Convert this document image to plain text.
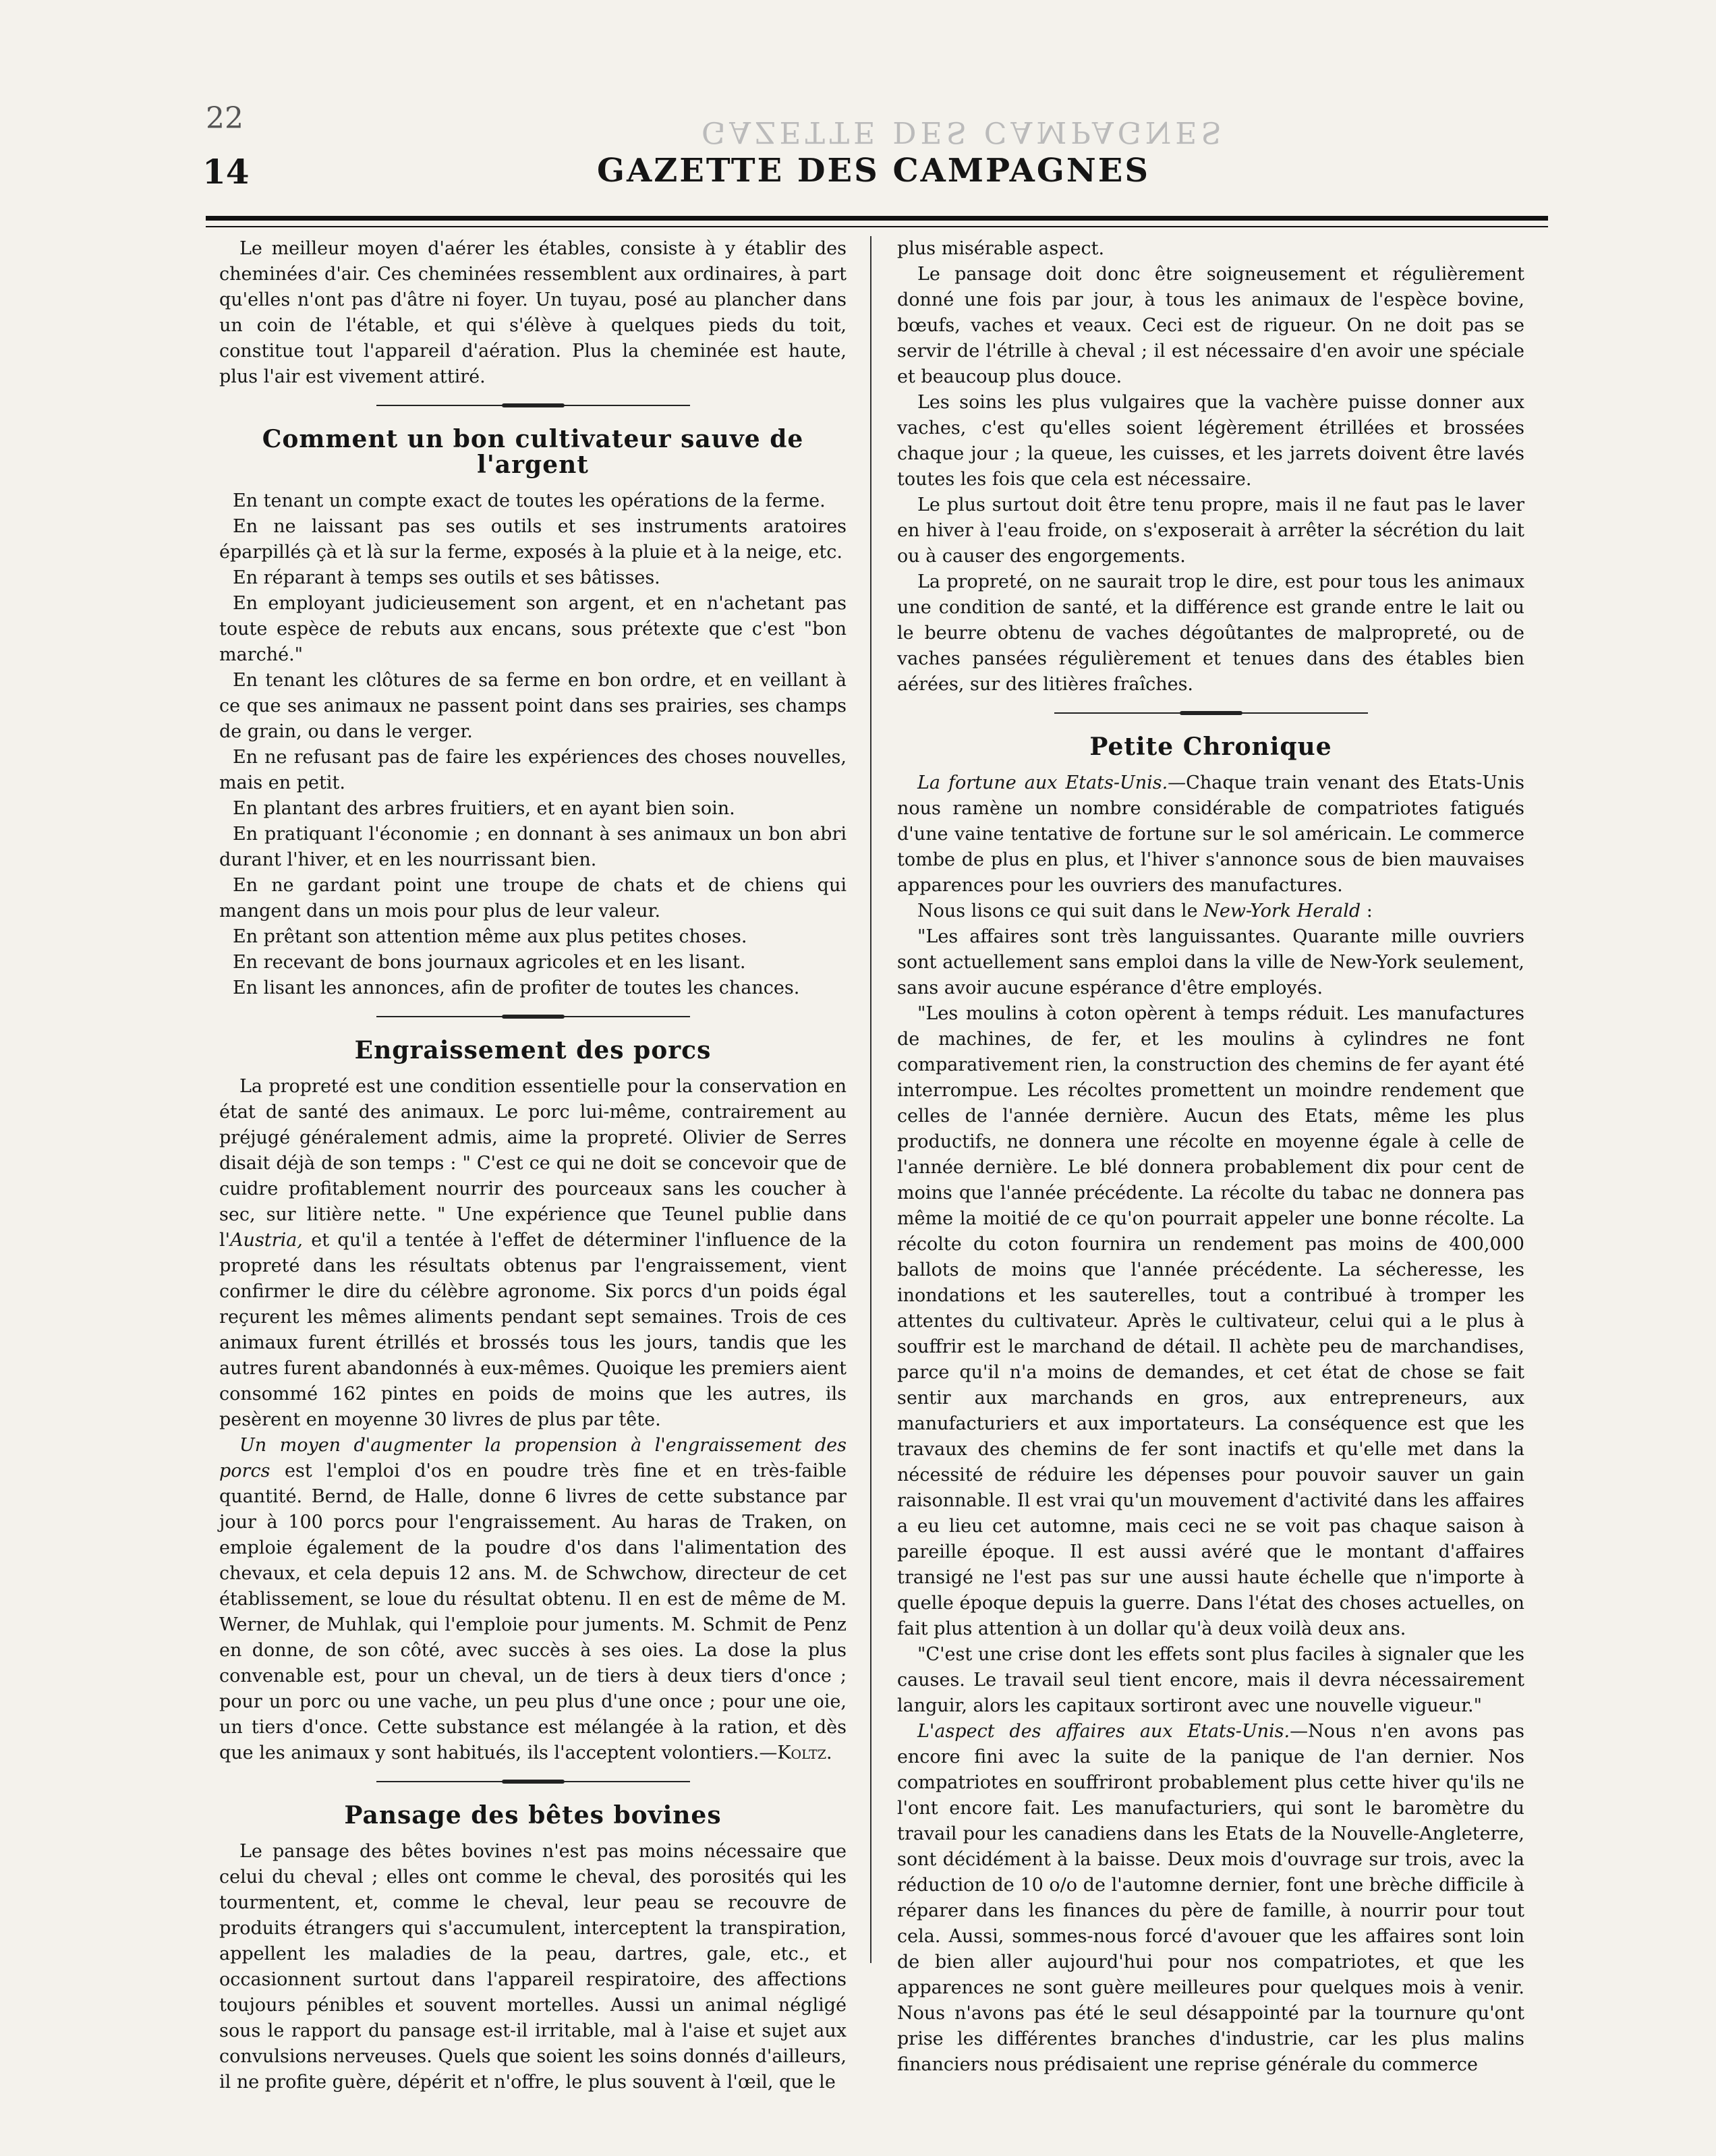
22	GAZETTE DES CAMPAGNES
14	GAZETTE DES CAMPAGNES

Le meilleur moyen d'aérer les étables, consiste à y établir des cheminées d'air. Ces cheminées ressemblent aux ordinaires, à part qu'elles n'ont pas d'âtre ni foyer. Un tuyau, posé au plancher dans un coin de l'étable, et qui s'élève à quelques pieds du toit, constitue tout l'appareil d'aération. Plus la cheminée est haute, plus l'air est vivement attiré.

Comment un bon cultivateur sauve de l'argent

En tenant un compte exact de toutes les opérations de la ferme.

En ne laissant pas ses outils et ses instruments aratoires éparpillés çà et là sur la ferme, exposés à la pluie et à la neige, etc.

En réparant à temps ses outils et ses bâtisses.

En employant judicieusement son argent, et en n'achetant pas toute espèce de rebuts aux encans, sous prétexte que c'est "bon marché."

En tenant les clôtures de sa ferme en bon ordre, et en veillant à ce que ses animaux ne passent point dans ses prairies, ses champs de grain, ou dans le verger.

En ne refusant pas de faire les expériences des choses nouvelles, mais en petit.

En plantant des arbres fruitiers, et en ayant bien soin.

En pratiquant l'économie ; en donnant à ses animaux un bon abri durant l'hiver, et en les nourrissant bien.

En ne gardant point une troupe de chats et de chiens qui mangent dans un mois pour plus de leur valeur.

En prêtant son attention même aux plus petites choses.

En recevant de bons journaux agricoles et en les lisant.

En lisant les annonces, afin de profiter de toutes les chances.

Engraissement des porcs

La propreté est une condition essentielle pour la conservation en état de santé des animaux. Le porc lui-même, contrairement au préjugé généralement admis, aime la propreté. Olivier de Serres disait déjà de son temps : " C'est ce qui ne doit se concevoir que de cuidre profitablement nourrir des pourceaux sans les coucher à sec, sur litière nette. " Une expérience que Teunel publie dans l'Austria, et qu'il a tentée à l'effet de déterminer l'influence de la propreté dans les résultats obtenus par l'engraissement, vient confirmer le dire du célèbre agronome. Six porcs d'un poids égal reçurent les mêmes aliments pendant sept semaines. Trois de ces animaux furent étrillés et brossés tous les jours, tandis que les autres furent abandonnés à eux-mêmes. Quoique les premiers aient consommé 162 pintes en poids de moins que les autres, ils pesèrent en moyenne 30 livres de plus par tête.

Un moyen d'augmenter la propension à l'engraissement des porcs est l'emploi d'os en poudre très fine et en très-faible quantité. Bernd, de Halle, donne 6 livres de cette substance par jour à 100 porcs pour l'engraissement. Au haras de Traken, on emploie également de la poudre d'os dans l'alimentation des chevaux, et cela depuis 12 ans. M. de Schwchow, directeur de cet établissement, se loue du résultat obtenu. Il en est de même de M. Werner, de Muhlak, qui l'emploie pour juments. M. Schmit de Penz en donne, de son côté, avec succès à ses oies. La dose la plus convenable est, pour un cheval, un de tiers à deux tiers d'once ; pour un porc ou une vache, un peu plus d'une once ; pour une oie, un tiers d'once. Cette substance est mélangée à la ration, et dès que les animaux y sont habitués, ils l'acceptent volontiers.—Koltz.

Pansage des bêtes bovines

Le pansage des bêtes bovines n'est pas moins nécessaire que celui du cheval ; elles ont comme le cheval, des porosités qui les tourmentent, et, comme le cheval, leur peau se recouvre de produits étrangers qui s'accumulent, interceptent la transpiration, appellent les maladies de la peau, dartres, gale, etc., et occasionnent surtout dans l'appareil respiratoire, des affections toujours pénibles et souvent mortelles. Aussi un animal négligé sous le rapport du pansage est-il irritable, mal à l'aise et sujet aux convulsions nerveuses. Quels que soient les soins donnés d'ailleurs, il ne profite guère, dépérit et n'offre, le plus souvent à l'œil, que le

plus misérable aspect.

Le pansage doit donc être soigneusement et régulièrement donné une fois par jour, à tous les animaux de l'espèce bovine, bœufs, vaches et veaux. Ceci est de rigueur. On ne doit pas se servir de l'étrille à cheval ; il est nécessaire d'en avoir une spéciale et beaucoup plus douce.

Les soins les plus vulgaires que la vachère puisse donner aux vaches, c'est qu'elles soient légèrement étrillées et brossées chaque jour ; la queue, les cuisses, et les jarrets doivent être lavés toutes les fois que cela est nécessaire.

Le plus surtout doit être tenu propre, mais il ne faut pas le laver en hiver à l'eau froide, on s'exposerait à arrêter la sécrétion du lait ou à causer des engorgements.

La propreté, on ne saurait trop le dire, est pour tous les animaux une condition de santé, et la différence est grande entre le lait ou le beurre obtenu de vaches dégoûtantes de malpropreté, ou de vaches pansées régulièrement et tenues dans des étables bien aérées, sur des litières fraîches.

Petite Chronique

La fortune aux Etats-Unis.—Chaque train venant des Etats-Unis nous ramène un nombre considérable de compatriotes fatigués d'une vaine tentative de fortune sur le sol américain. Le commerce tombe de plus en plus, et l'hiver s'annonce sous de bien mauvaises apparences pour les ouvriers des manufactures.

Nous lisons ce qui suit dans le New-York Herald :

"Les affaires sont très languissantes. Quarante mille ouvriers sont actuellement sans emploi dans la ville de New-York seulement, sans avoir aucune espérance d'être employés.

"Les moulins à coton opèrent à temps réduit. Les manufactures de machines, de fer, et les moulins à cylindres ne font comparativement rien, la construction des chemins de fer ayant été interrompue. Les récoltes promettent un moindre rendement que celles de l'année dernière. Aucun des Etats, même les plus productifs, ne donnera une récolte en moyenne égale à celle de l'année dernière. Le blé donnera probablement dix pour cent de moins que l'année précédente. La récolte du tabac ne donnera pas même la moitié de ce qu'on pourrait appeler une bonne récolte. La récolte du coton fournira un rendement pas moins de 400,000 ballots de moins que l'année précédente. La sécheresse, les inondations et les sauterelles, tout a contribué à tromper les attentes du cultivateur. Après le cultivateur, celui qui a le plus à souffrir est le marchand de détail. Il achète peu de marchandises, parce qu'il n'a moins de demandes, et cet état de chose se fait sentir aux marchands en gros, aux entrepreneurs, aux manufacturiers et aux importateurs. La conséquence est que les travaux des chemins de fer sont inactifs et qu'elle met dans la nécessité de réduire les dépenses pour pouvoir sauver un gain raisonnable. Il est vrai qu'un mouvement d'activité dans les affaires a eu lieu cet automne, mais ceci ne se voit pas chaque saison à pareille époque. Il est aussi avéré que le montant d'affaires transigé ne l'est pas sur une aussi haute échelle que n'importe à quelle époque depuis la guerre. Dans l'état des choses actuelles, on fait plus attention à un dollar qu'à deux voilà deux ans.

"C'est une crise dont les effets sont plus faciles à signaler que les causes. Le travail seul tient encore, mais il devra nécessairement languir, alors les capitaux sortiront avec une nouvelle vigueur."

L'aspect des affaires aux Etats-Unis.—Nous n'en avons pas encore fini avec la suite de la panique de l'an dernier. Nos compatriotes en souffriront probablement plus cette hiver qu'ils ne l'ont encore fait. Les manufacturiers, qui sont le baromètre du travail pour les canadiens dans les Etats de la Nouvelle-Angleterre, sont décidément à la baisse. Deux mois d'ouvrage sur trois, avec la réduction de 10 o/o de l'automne dernier, font une brèche difficile à réparer dans les finances du père de famille, à nourrir pour tout cela. Aussi, sommes-nous forcé d'avouer que les affaires sont loin de bien aller aujourd'hui pour nos compatriotes, et que les apparences ne sont guère meilleures pour quelques mois à venir. Nous n'avons pas été le seul désappointé par la tournure qu'ont prise les différentes branches d'industrie, car les plus malins financiers nous prédisaient une reprise générale du commerce
